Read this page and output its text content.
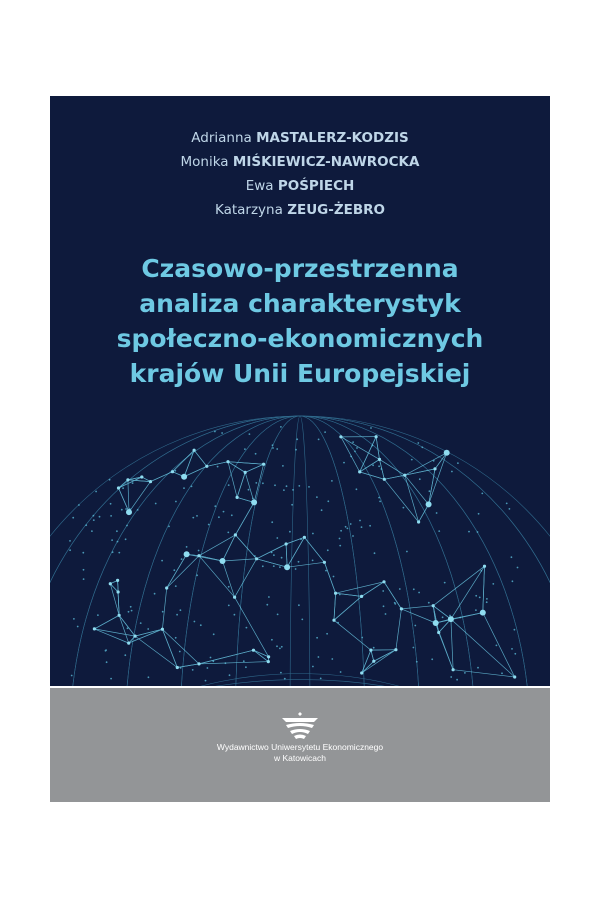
Adrianna MASTALERZ-KODZIS
Monika MIŚKIEWICZ-NAWROCKA
Ewa POŚPIECH
Katarzyna ZEUG-ŻEBRO
Czasowo-przestrzenna
analiza charakterystyk
społeczno-ekonomicznych
krajów Unii Europejskiej
Wydawnictwo Uniwersytetu Ekonomicznego
w Katowicach
